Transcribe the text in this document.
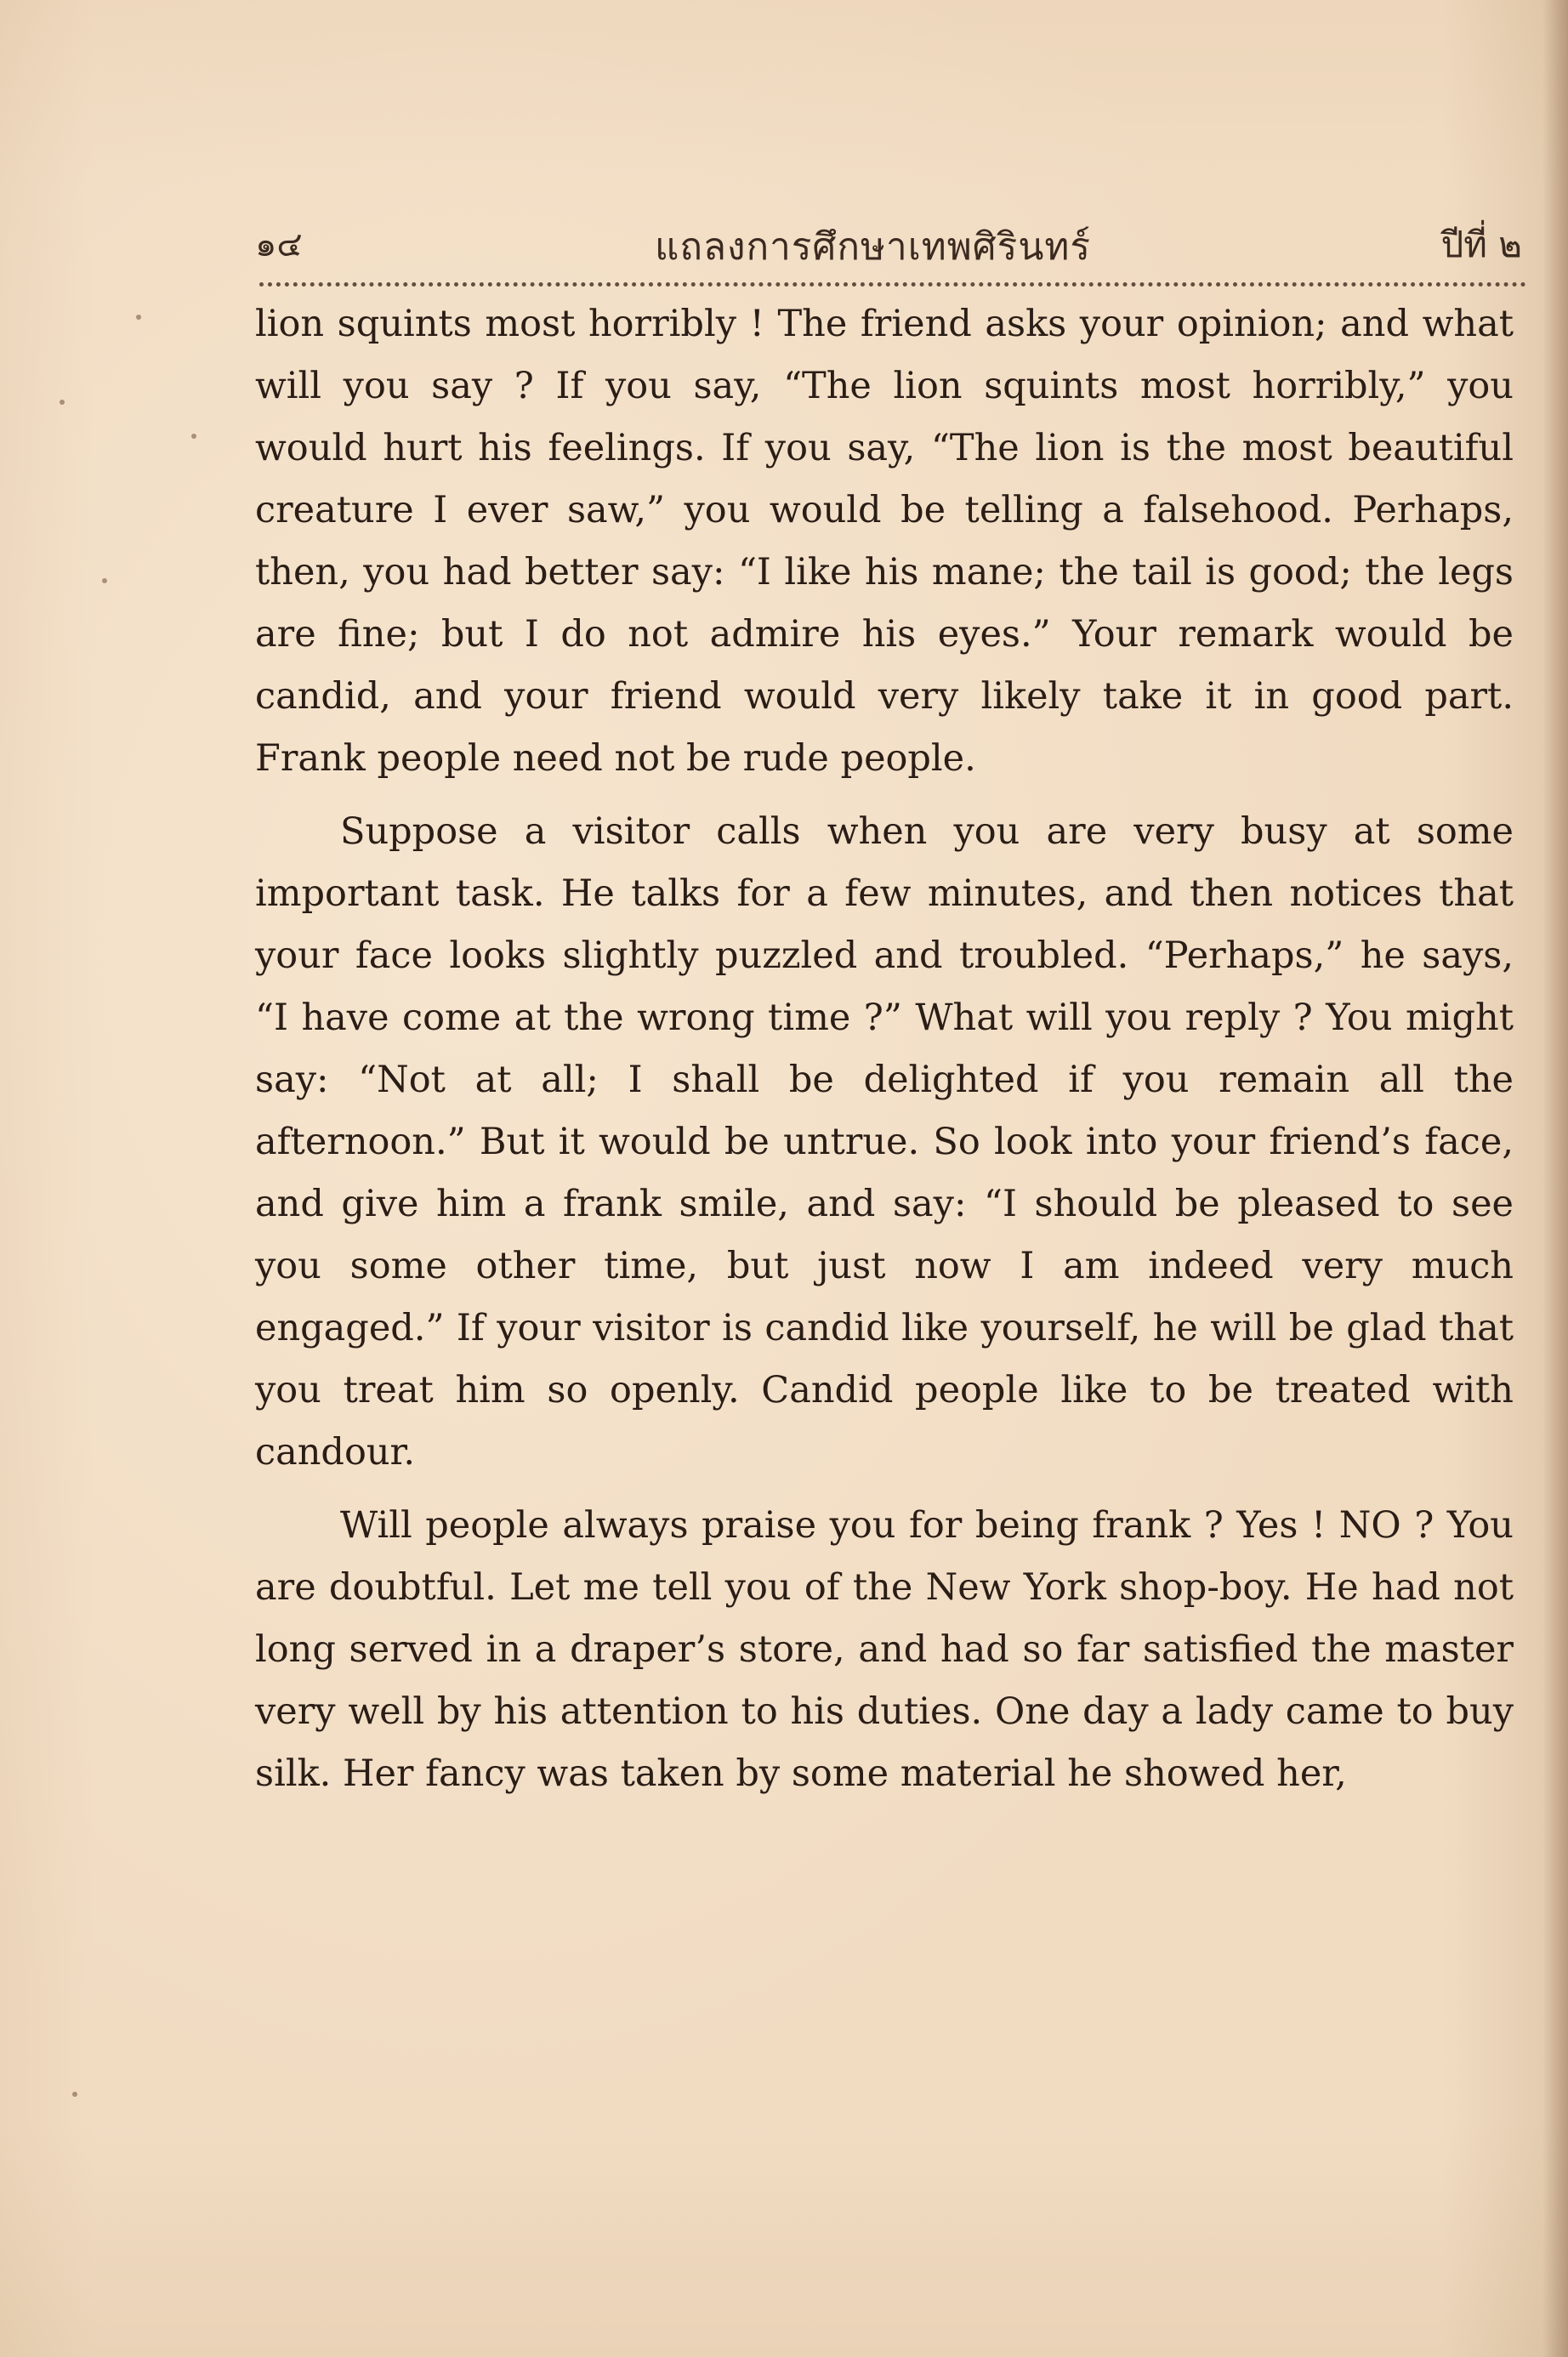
๑๔	แถลงการศึกษาเทพศิรินทร์	ปีที่ ๒

lion squints most horribly ! The friend asks your opinion; and what will you say ? If you say, “The lion squints most horribly,” you would hurt his feelings. If you say, “The lion is the most beautiful creature I ever saw,” you would be telling a falsehood. Perhaps, then, you had better say: “I like his mane; the tail is good; the legs are fine; but I do not admire his eyes.” Your remark would be candid, and your friend would very likely take it in good part. Frank people need not be rude people.

Suppose a visitor calls when you are very busy at some important task. He talks for a few minutes, and then notices that your face looks slightly puzzled and troubled. “Perhaps,” he says, “I have come at the wrong time ?” What will you reply ? You might say: “Not at all; I shall be delighted if you remain all the afternoon.” But it would be untrue. So look into your friend’s face, and give him a frank smile, and say: “I should be pleased to see you some other time, but just now I am indeed very much engaged.” If your visitor is candid like yourself, he will be glad that you treat him so openly. Candid people like to be treated with candour.

Will people always praise you for being frank ? Yes ! NO ? You are doubtful. Let me tell you of the New York shop-boy. He had not long served in a draper’s store, and had so far satisfied the master very well by his attention to his duties. One day a lady came to buy silk. Her fancy was taken by some material he showed her,
